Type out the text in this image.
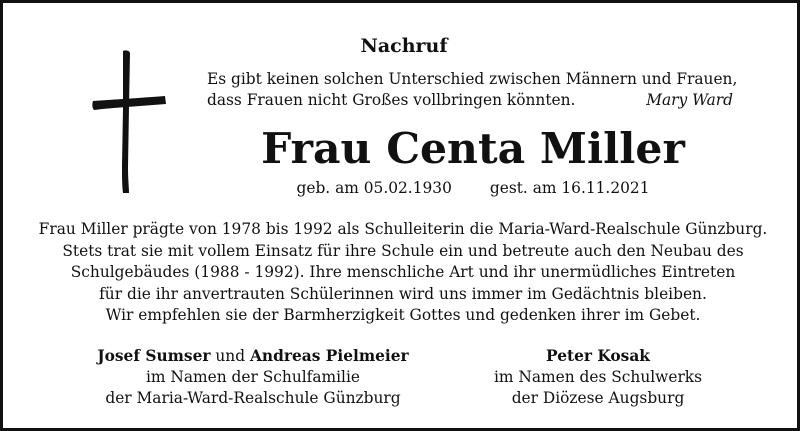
Nachruf
Es gibt keinen solchen Unterschied zwischen Männern und Frauen,
dass Frauen nicht Großes vollbringen könnten.	Mary Ward
Frau Centa Miller
geb. am 05.02.1930 gest. am 16.11.2021
Frau Miller prägte von 1978 bis 1992 als Schulleiterin die Maria-Ward-Realschule Günzburg.
Stets trat sie mit vollem Einsatz für ihre Schule ein und betreute auch den Neubau des
Schulgebäudes (1988 - 1992). Ihre menschliche Art und ihr unermüdliches Eintreten
für die ihr anvertrauten Schülerinnen wird uns immer im Gedächtnis bleiben.
Wir empfehlen sie der Barmherzigkeit Gottes und gedenken ihrer im Gebet.
Josef Sumser und Andreas Pielmeier
im Namen der Schulfamilie
der Maria-Ward-Realschule Günzburg
Peter Kosak
im Namen des Schulwerks
der Diözese Augsburg
